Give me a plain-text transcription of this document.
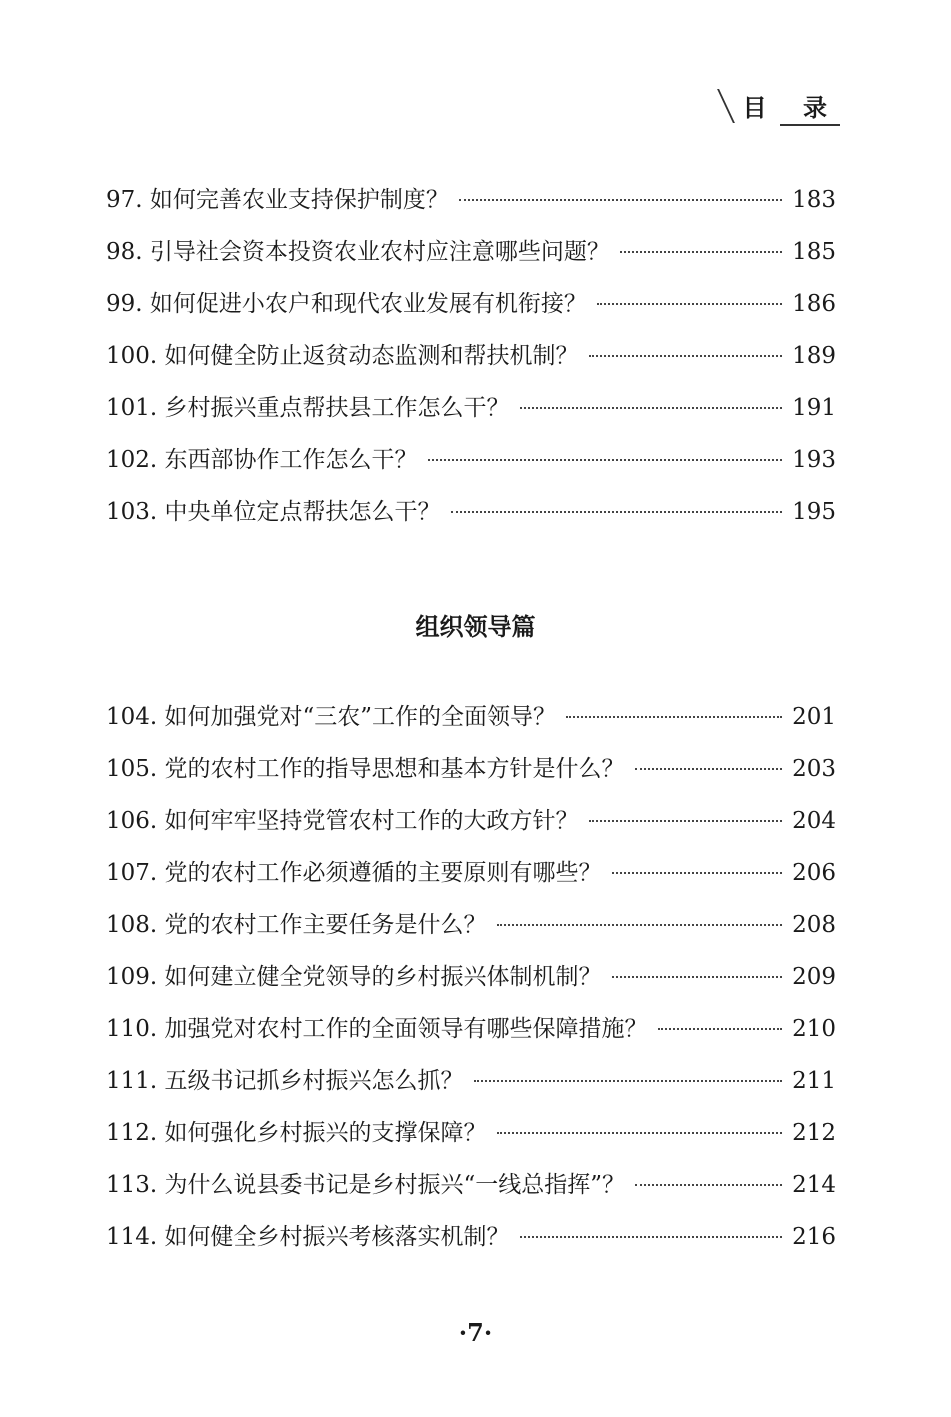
目 录
97. 如何完善农业支持保护制度？	183
98. 引导社会资本投资农业农村应注意哪些问题？	185
99. 如何促进小农户和现代农业发展有机衔接？	186
100. 如何健全防止返贫动态监测和帮扶机制？	189
101. 乡村振兴重点帮扶县工作怎么干？	191
102. 东西部协作工作怎么干？	193
103. 中央单位定点帮扶怎么干？	195
组织领导篇
104. 如何加强党对“三农”工作的全面领导？	201
105. 党的农村工作的指导思想和基本方针是什么？	203
106. 如何牢牢坚持党管农村工作的大政方针？	204
107. 党的农村工作必须遵循的主要原则有哪些？	206
108. 党的农村工作主要任务是什么？	208
109. 如何建立健全党领导的乡村振兴体制机制？	209
110. 加强党对农村工作的全面领导有哪些保障措施？	210
111. 五级书记抓乡村振兴怎么抓？	211
112. 如何强化乡村振兴的支撑保障？	212
113. 为什么说县委书记是乡村振兴“一线总指挥”？	214
114. 如何健全乡村振兴考核落实机制？	216
·7·
